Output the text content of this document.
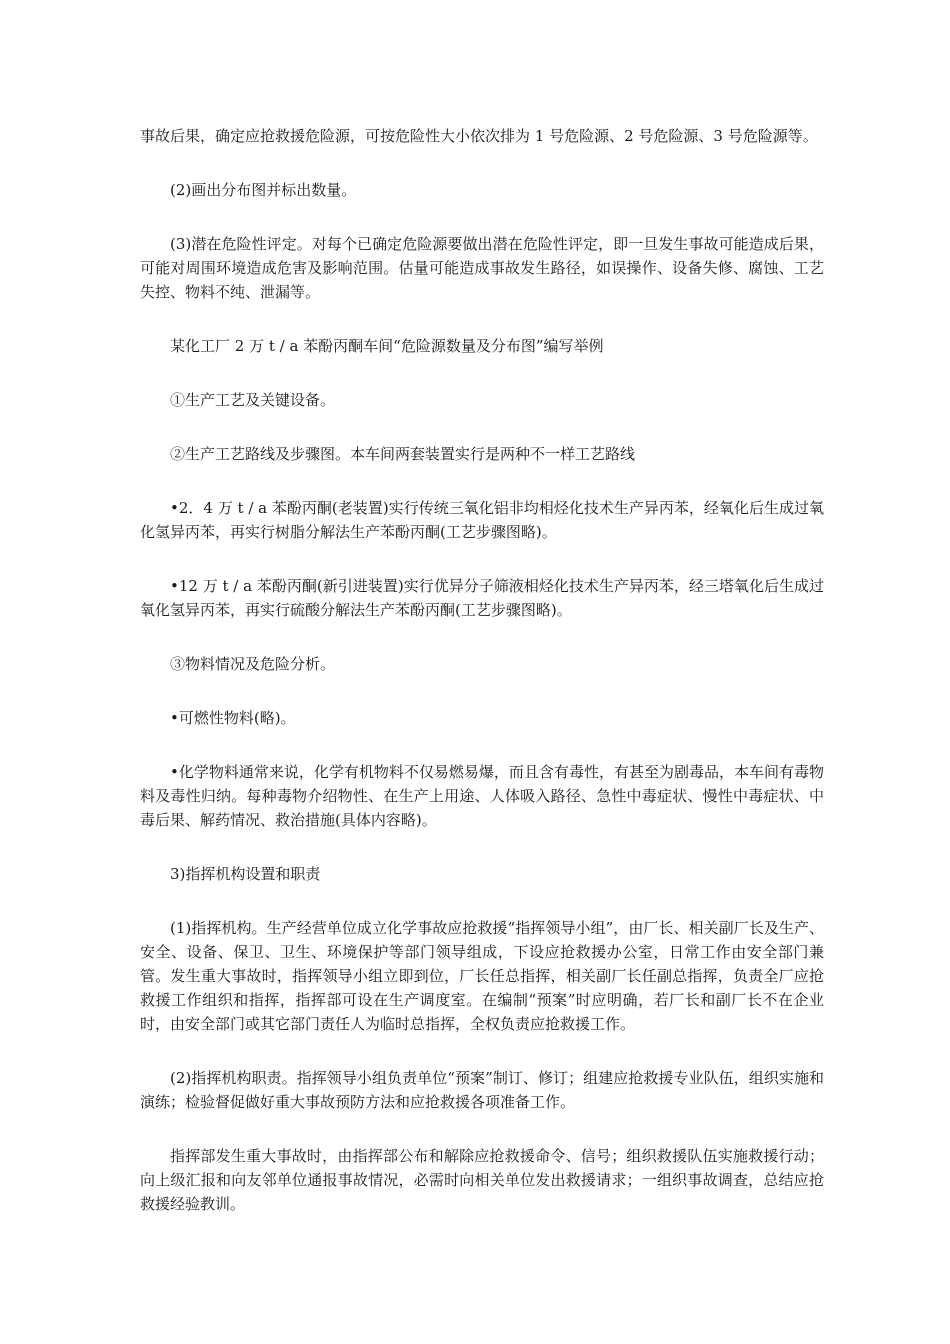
事故后果，确定应抢救援危险源，可按危险性大小依次排为 1 号危险源、2 号危险源、3 号危险源等。

(2)画出分布图并标出数量。

(3)潜在危险性评定。对每个已确定危险源要做出潜在危险性评定，即一旦发生事故可能造成后果，可能对周围环境造成危害及影响范围。估量可能造成事故发生路径，如误操作、设备失修、腐蚀、工艺失控、物料不纯、泄漏等。

某化工厂 2 万 t / a 苯酚丙酮车间“危险源数量及分布图”编写举例

①生产工艺及关键设备。

②生产工艺路线及步骤图。本车间两套装置实行是两种不一样工艺路线

•2．4 万 t / a 苯酚丙酮(老装置)实行传统三氧化铝非均相烃化技术生产异丙苯，经氧化后生成过氧化氢异丙苯，再实行树脂分解法生产苯酚丙酮(工艺步骤图略)。

•12 万 t / a 苯酚丙酮(新引进装置)实行优异分子筛液相烃化技术生产异丙苯，经三塔氧化后生成过氧化氢异丙苯，再实行硫酸分解法生产苯酚丙酮(工艺步骤图略)。

③物料情况及危险分析。

•可燃性物料(略)。

•化学物料通常来说，化学有机物料不仅易燃易爆，而且含有毒性，有甚至为剧毒品，本车间有毒物料及毒性归纳。每种毒物介绍物性、在生产上用途、人体吸入路径、急性中毒症状、慢性中毒症状、中毒后果、解药情况、救治措施(具体内容略)。

3)指挥机构设置和职责

(1)指挥机构。生产经营单位成立化学事故应抢救援“指挥领导小组”，由厂长、相关副厂长及生产、安全、设备、保卫、卫生、环境保护等部门领导组成，下设应抢救援办公室，日常工作由安全部门兼管。发生重大事故时，指挥领导小组立即到位，厂长任总指挥，相关副厂长任副总指挥，负责全厂应抢救援工作组织和指挥，指挥部可设在生产调度室。在编制“预案”时应明确，若厂长和副厂长不在企业时，由安全部门或其它部门责任人为临时总指挥，全权负责应抢救援工作。

(2)指挥机构职责。指挥领导小组负责单位“预案”制订、修订；组建应抢救援专业队伍，组织实施和演练；检验督促做好重大事故预防方法和应抢救援各项准备工作。

指挥部发生重大事故时，由指挥部公布和解除应抢救援命令、信号；组织救援队伍实施救援行动；向上级汇报和向友邻单位通报事故情况，必需时向相关单位发出救援请求；一组织事故调查，总结应抢救援经验教训。
